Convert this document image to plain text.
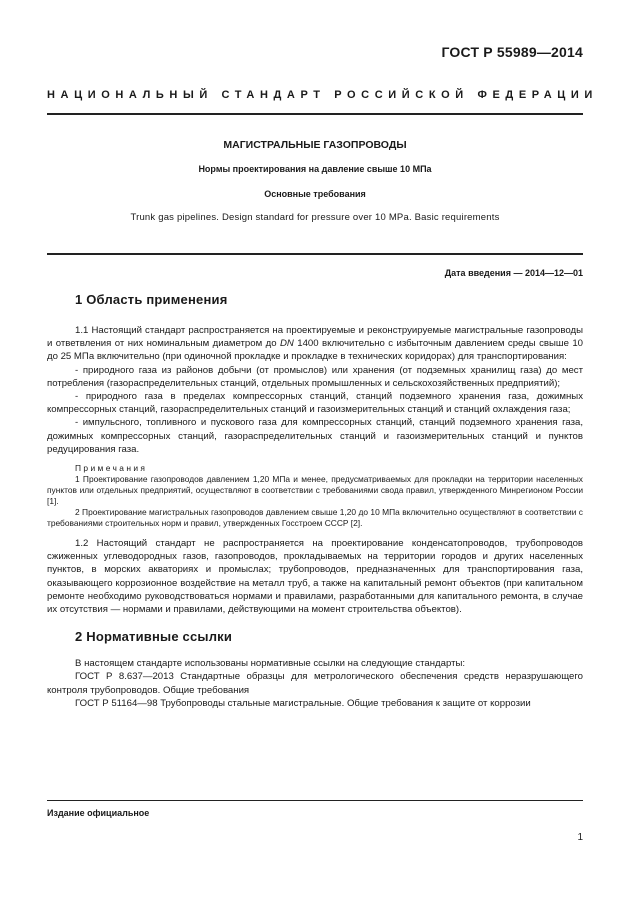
ГОСТ Р 55989—2014
НАЦИОНАЛЬНЫЙ СТАНДАРТ РОССИЙСКОЙ ФЕДЕРАЦИИ
МАГИСТРАЛЬНЫЕ ГАЗОПРОВОДЫ
Нормы проектирования на давление свыше 10 МПа
Основные требования
Trunk gas pipelines. Design standard for pressure over 10 MPa. Basic requirements
Дата введения — 2014—12—01
1 Область применения

1.1 Настоящий стандарт распространяется на проектируемые и реконструируемые магистральные газопроводы и ответвления от них номинальным диаметром до DN 1400 включительно с избыточным давлением среды свыше 10 до 25 МПа включительно (при одиночной прокладке и прокладке в технических коридорах) для транспортирования:

- природного газа из районов добычи (от промыслов) или хранения (от подземных хранилищ газа) до мест потребления (газораспределительных станций, отдельных промышленных и сельскохозяйственных предприятий);

- природного газа в пределах компрессорных станций, станций подземного хранения газа, дожимных компрессорных станций, газораспределительных станций и газоизмерительных станций и станций охлаждения газа;

- импульсного, топливного и пускового газа для компрессорных станций, станций подземного хранения газа, дожимных компрессорных станций, газораспределительных станций и газоизмерительных станций и пунктов редуцирования газа.

Примечания

1 Проектирование газопроводов давлением 1,20 МПа и менее, предусматриваемых для прокладки на территории населенных пунктов или отдельных предприятий, осуществляют в соответствии с требованиями свода правил, утвержденного Минрегионом России [1].

2 Проектирование магистральных газопроводов давлением свыше 1,20 до 10 МПа включительно осуществляют в соответствии с требованиями строительных норм и правил, утвержденных Госстроем СССР [2].

1.2 Настоящий стандарт не распространяется на проектирование конденсатопроводов, трубопроводов сжиженных углеводородных газов, газопроводов, прокладываемых на территории городов и других населенных пунктов, в морских акваториях и промыслах; трубопроводов, предназначенных для транспортирования газа, оказывающего коррозионное воздействие на металл труб, а также на капитальный ремонт объектов (при капитальном ремонте необходимо руководствоваться нормами и правилами, разработанными для капитального ремонта, в случае их отсутствия — нормами и правилами, действующими на момент строительства объектов).

2 Нормативные ссылки

В настоящем стандарте использованы нормативные ссылки на следующие стандарты:

ГОСТ Р 8.637—2013 Стандартные образцы для метрологического обеспечения средств неразрушающего контроля трубопроводов. Общие требования

ГОСТ Р 51164—98 Трубопроводы стальные магистральные. Общие требования к защите от коррозии

Издание официальное
1
